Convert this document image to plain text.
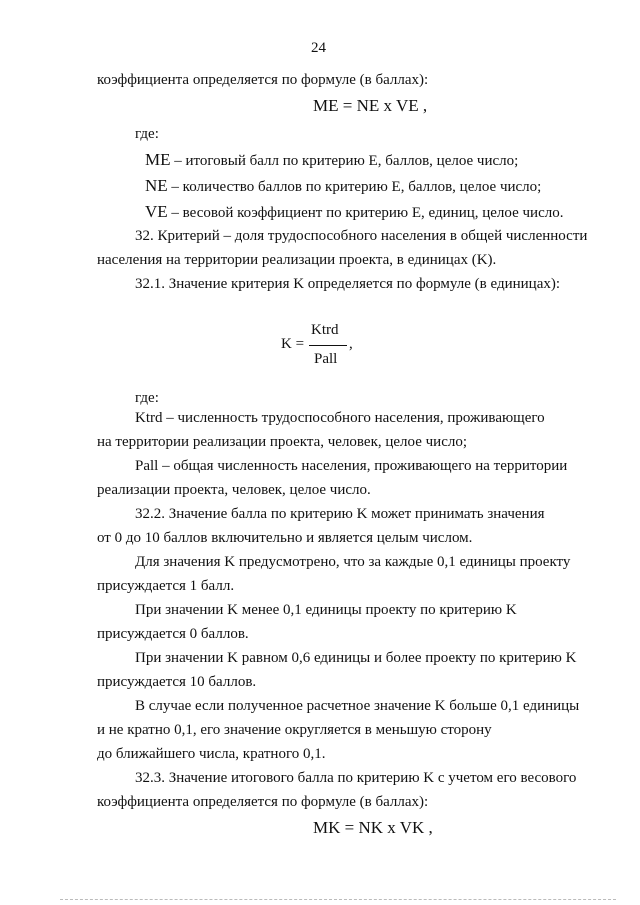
24
коэффициента определяется по формуле (в баллах):
МE = NE x VE ,
где:
МE – итоговый балл по критерию E, баллов, целое число;
NE – количество баллов по критерию E, баллов, целое число;
VE – весовой коэффициент по критерию E, единиц, целое число.
32. Критерий – доля трудоспособного населения в общей численности
населения на территории реализации проекта, в единицах (K).
32.1. Значение критерия K определяется по формуле (в единицах):
Ktrd
K =	,
Pall
где:
Ktrd – численность трудоспособного населения, проживающего
на территории реализации проекта, человек, целое число;
Pall – общая численность населения, проживающего на территории
реализации проекта, человек, целое число.
32.2. Значение балла по критерию K может принимать значения
от 0 до 10 баллов включительно и является целым числом.
Для значения K предусмотрено, что за каждые 0,1 единицы проекту
присуждается 1 балл.
При значении K менее 0,1 единицы проекту по критерию K
присуждается 0 баллов.
При значении K равном 0,6 единицы и более проекту по критерию K
присуждается 10 баллов.
В случае если полученное расчетное значение K больше 0,1 единицы
и не кратно 0,1, его значение округляется в меньшую сторону
до ближайшего числа, кратного 0,1.
32.3. Значение итогового балла по критерию K с учетом его весового
коэффициента определяется по формуле (в баллах):
МK = NK x VK ,
